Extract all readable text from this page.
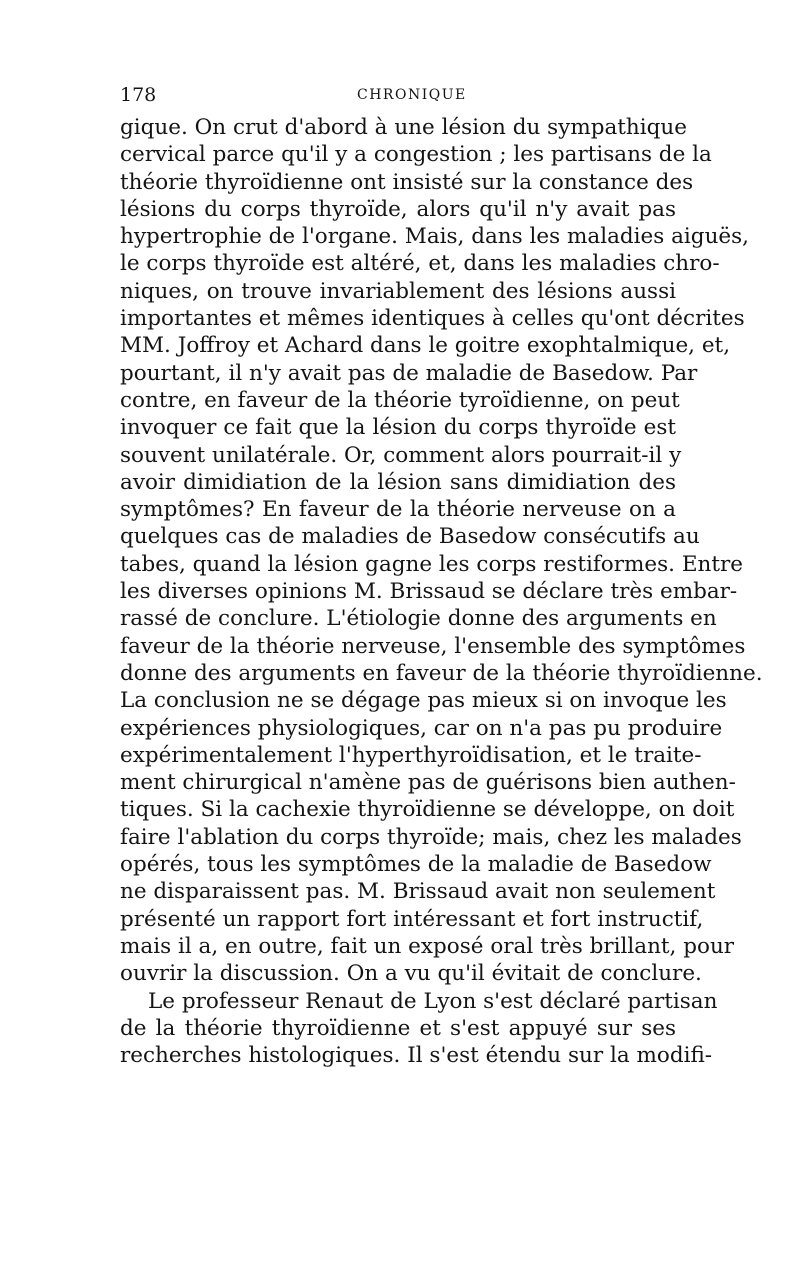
178	CHRONIQUE
gique. On crut d'abord à une lésion du sympathique
cervical parce qu'il y a congestion ; les partisans de la
théorie thyroïdienne ont insisté sur la constance des
lésions du corps thyroïde, alors qu'il n'y avait pas
hypertrophie de l'organe. Mais, dans les maladies aiguës,
le corps thyroïde est altéré, et, dans les maladies chro-
niques, on trouve invariablement des lésions aussi
importantes et mêmes identiques à celles qu'ont décrites
MM. Joffroy et Achard dans le goitre exophtalmique, et,
pourtant, il n'y avait pas de maladie de Basedow. Par
contre, en faveur de la théorie tyroïdienne, on peut
invoquer ce fait que la lésion du corps thyroïde est
souvent unilatérale. Or, comment alors pourrait-il y
avoir dimidiation de la lésion sans dimidiation des
symptômes? En faveur de la théorie nerveuse on a
quelques cas de maladies de Basedow consécutifs au
tabes, quand la lésion gagne les corps restiformes. Entre
les diverses opinions M. Brissaud se déclare très embar-
rassé de conclure. L'étiologie donne des arguments en
faveur de la théorie nerveuse, l'ensemble des symptômes
donne des arguments en faveur de la théorie thyroïdienne.
La conclusion ne se dégage pas mieux si on invoque les
expériences physiologiques, car on n'a pas pu produire
expérimentalement l'hyperthyroïdisation, et le traite-
ment chirurgical n'amène pas de guérisons bien authen-
tiques. Si la cachexie thyroïdienne se développe, on doit
faire l'ablation du corps thyroïde; mais, chez les malades
opérés, tous les symptômes de la maladie de Basedow
ne disparaissent pas. M. Brissaud avait non seulement
présenté un rapport fort intéressant et fort instructif,
mais il a, en outre, fait un exposé oral très brillant, pour
ouvrir la discussion. On a vu qu'il évitait de conclure.
Le professeur Renaut de Lyon s'est déclaré partisan
de la théorie thyroïdienne et s'est appuyé sur ses
recherches histologiques. Il s'est étendu sur la modifi-
